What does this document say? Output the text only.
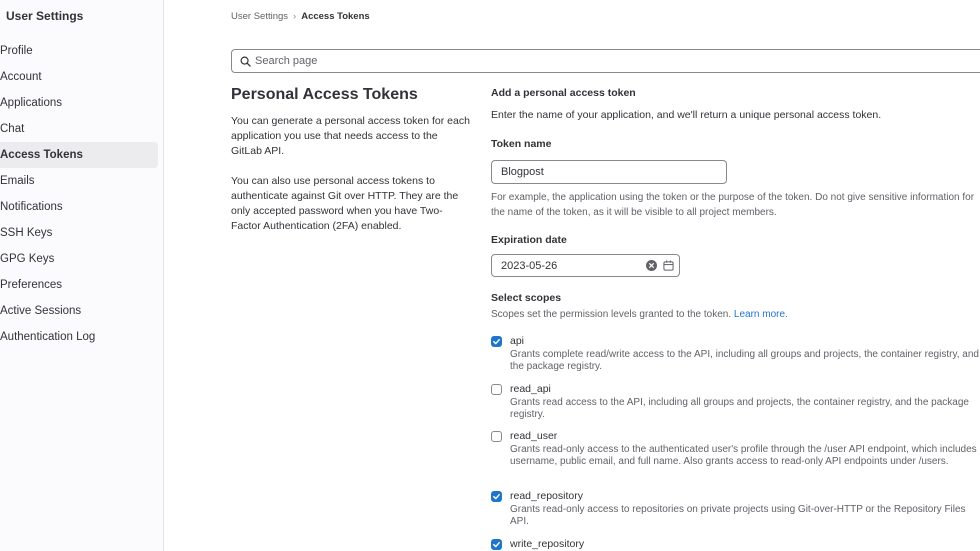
User Settings
Profile
Account
Applications
Chat
Access Tokens
Emails
Notifications
SSH Keys
GPG Keys
Preferences
Active Sessions
Authentication Log
User Settings › Access Tokens
Search page
Personal Access Tokens

You can generate a personal access token for each application you use that needs access to the GitLab API.

You can also use personal access tokens to authenticate against Git over HTTP. They are the only accepted password when you have Two-Factor Authentication (2FA) enabled.

Add a personal access token
Enter the name of your application, and we'll return a unique personal access token.
Token name
Blogpost
For example, the application using the token or the purpose of the token. Do not give sensitive information for the name of the token, as it will be visible to all project members.
Expiration date
2023-05-26
Select scopes
Scopes set the permission levels granted to the token. Learn more.
api
Grants complete read/write access to the API, including all groups and projects, the container registry, and the package registry.
read_api
Grants read access to the API, including all groups and projects, the container registry, and the package registry.
read_user
Grants read-only access to the authenticated user's profile through the /user API endpoint, which includes username, public email, and full name. Also grants access to read-only API endpoints under /users.
read_repository
Grants read-only access to repositories on private projects using Git-over-HTTP or the Repository Files API.
write_repository
